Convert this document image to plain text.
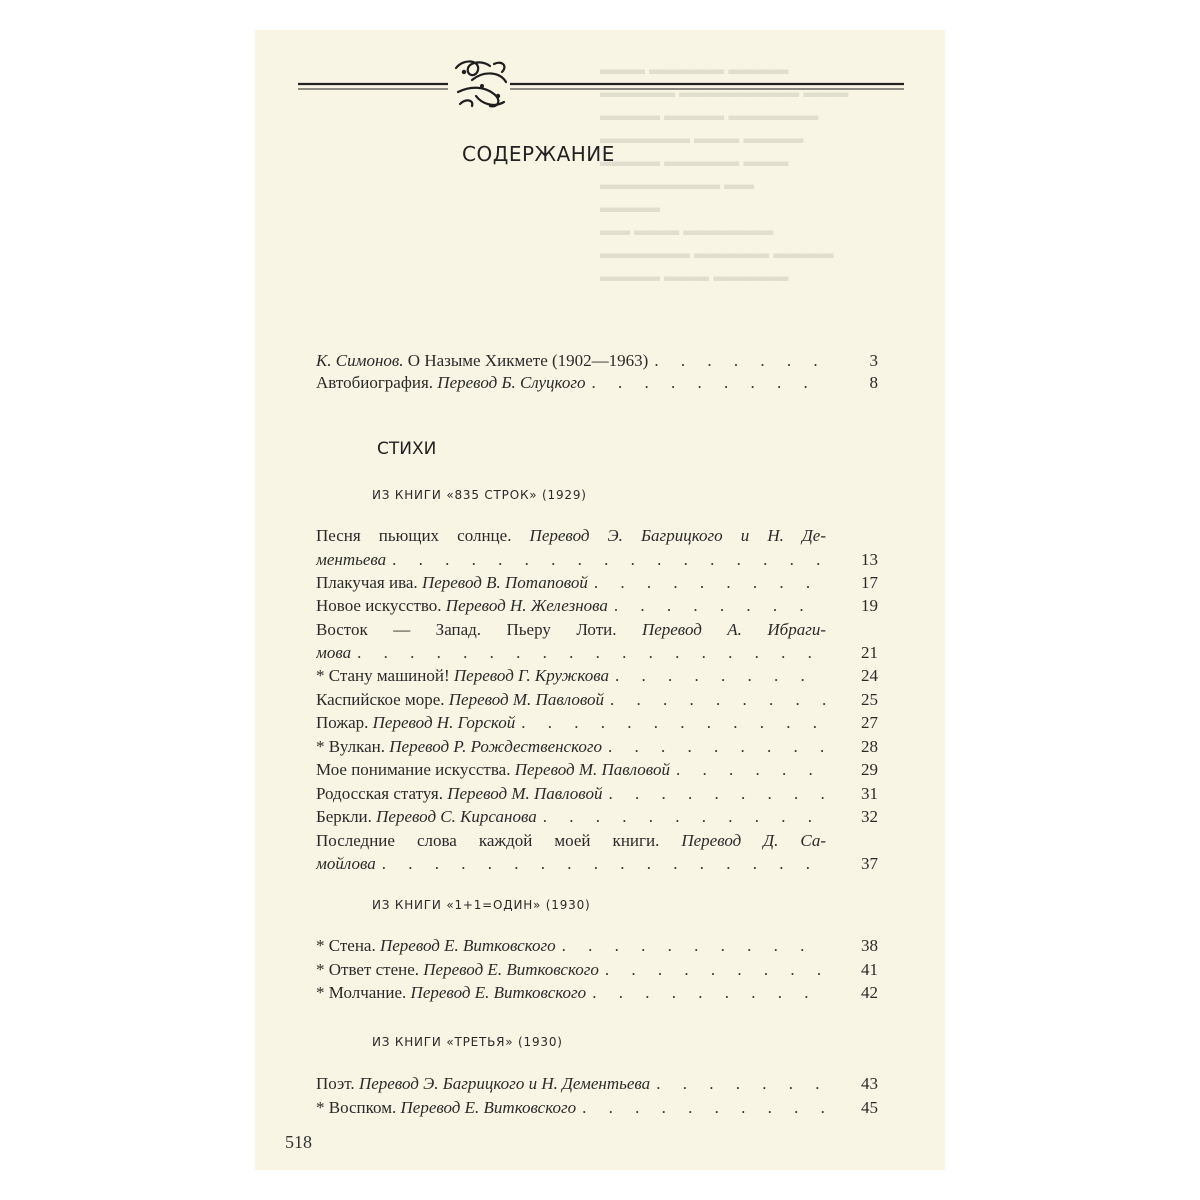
▬▬▬ ▬▬▬▬▬ ▬▬▬▬
▬▬▬▬▬ ▬▬▬▬▬▬▬▬ ▬▬▬
▬▬▬▬ ▬▬▬▬ ▬▬▬▬▬▬
▬▬▬▬▬▬ ▬▬▬ ▬▬▬▬
▬▬▬▬ ▬▬▬▬▬ ▬▬▬
▬▬▬▬▬▬▬▬ ▬▬
▬▬▬▬
▬▬ ▬▬▬ ▬▬▬▬▬▬
▬▬▬▬▬▬ ▬▬▬▬▬ ▬▬▬▬
▬▬▬▬ ▬▬▬ ▬▬▬▬▬
СОДЕРЖАНИЕ
К. Симонов. О Назыме Хикмете (1902—1963) . . .	3
Автобиография. Перевод Б. Слуцкого . . .	8
СТИХИ
ИЗ КНИГИ «835 СТРОК» (1929)
Песня пьющих солнце. Перевод Э. Багрицкого и Н. Де-
ментьева . . .	13
Плакучая ива. Перевод В. Потаповой . . .	17
Новое искусство. Перевод Н. Железнова . . .	19
Восток — Запад. Пьеру Лоти. Перевод А. Ибраги-
мова . . .	21
* Стану машиной! Перевод Г. Кружкова . . .	24
Каспийское море. Перевод М. Павловой . . .	25
Пожар. Перевод Н. Горской . . .	27
* Вулкан. Перевод Р. Рождественского . . .	28
Мое понимание искусства. Перевод М. Павловой . . .	29
Родосская статуя. Перевод М. Павловой . . .	31
Беркли. Перевод С. Кирсанова . . .	32
Последние слова каждой моей книги. Перевод Д. Са-
мойлова . . .	37
ИЗ КНИГИ «1+1=ОДИН» (1930)
* Стена. Перевод Е. Витковского . . .	38
* Ответ стене. Перевод Е. Витковского . . .	41
* Молчание. Перевод Е. Витковского . . .	42
ИЗ КНИГИ «ТРЕТЬЯ» (1930)
Поэт. Перевод Э. Багрицкого и Н. Дементьева . . .	43
* Воспком. Перевод Е. Витковского . . .	45
518
